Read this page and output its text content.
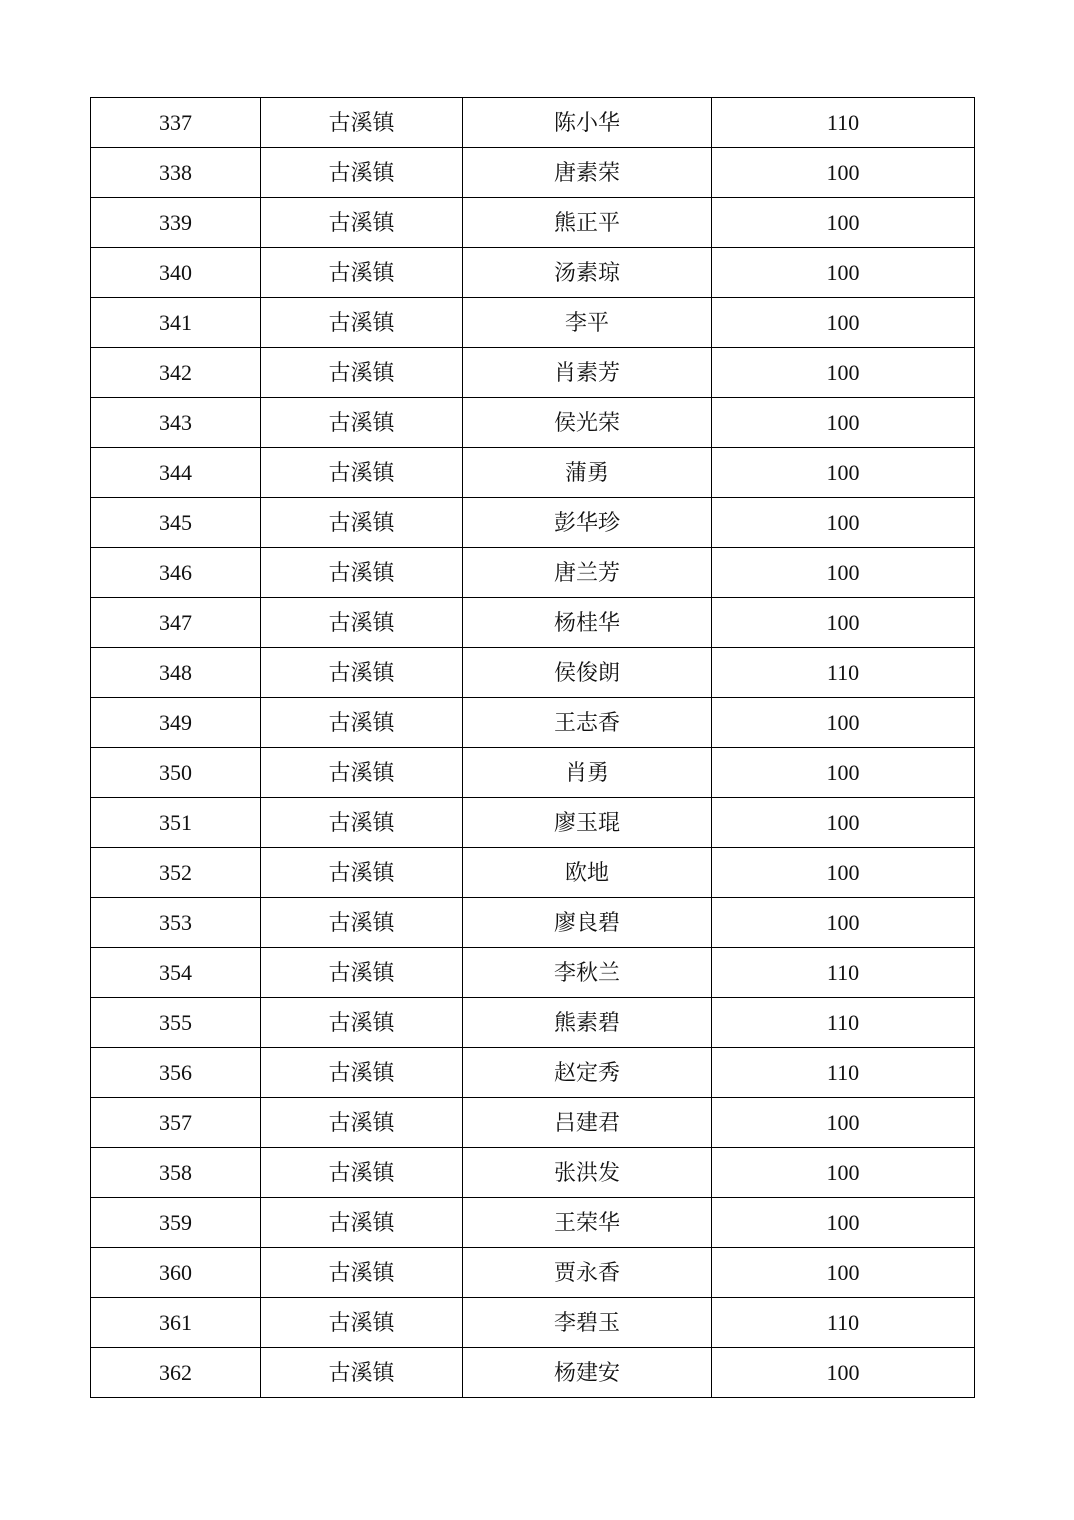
337	古溪镇	陈小华	110
338	古溪镇	唐素荣	100
339	古溪镇	熊正平	100
340	古溪镇	汤素琼	100
341	古溪镇	李平	100
342	古溪镇	肖素芳	100
343	古溪镇	侯光荣	100
344	古溪镇	蒲勇	100
345	古溪镇	彭华珍	100
346	古溪镇	唐兰芳	100
347	古溪镇	杨桂华	100
348	古溪镇	侯俊朗	110
349	古溪镇	王志香	100
350	古溪镇	肖勇	100
351	古溪镇	廖玉琨	100
352	古溪镇	欧地	100
353	古溪镇	廖良碧	100
354	古溪镇	李秋兰	110
355	古溪镇	熊素碧	110
356	古溪镇	赵定秀	110
357	古溪镇	吕建君	100
358	古溪镇	张洪发	100
359	古溪镇	王荣华	100
360	古溪镇	贾永香	100
361	古溪镇	李碧玉	110
362	古溪镇	杨建安	100
